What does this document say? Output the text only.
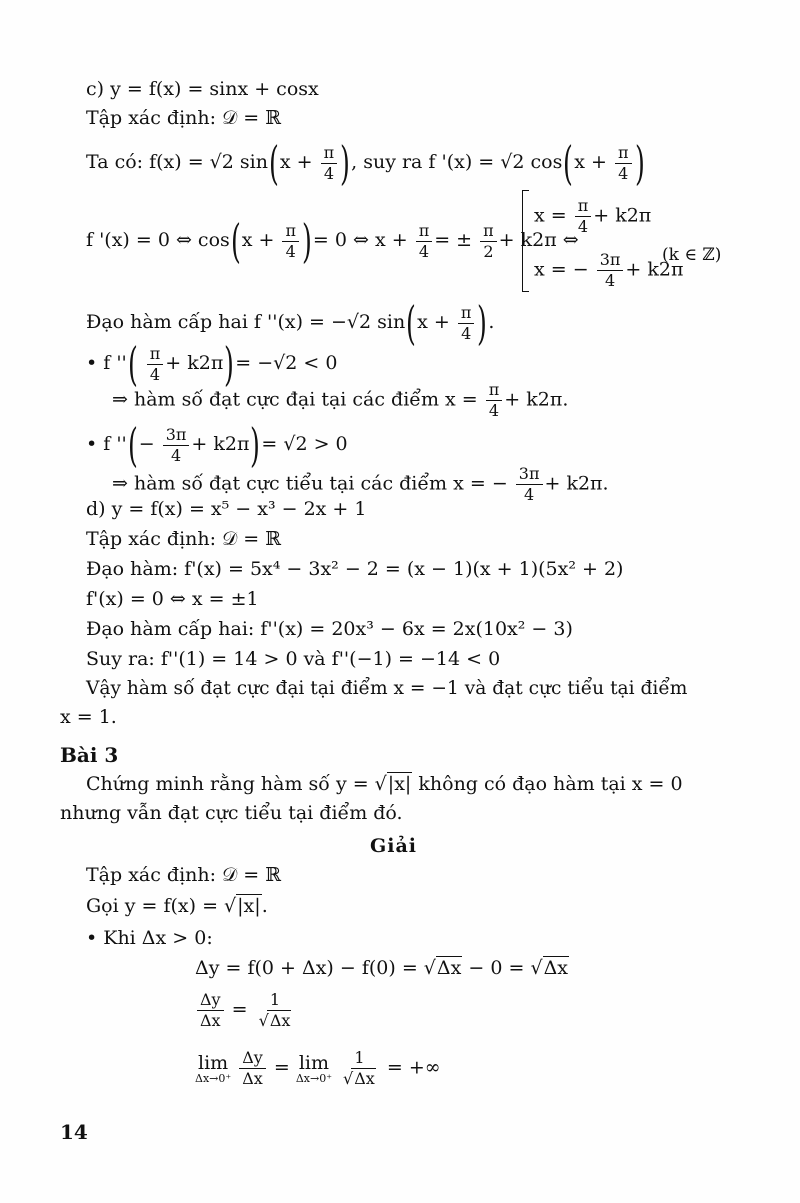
c) y = f(x) = sinx + cosx
Tập xác định: 𝒟 = ℝ
Ta có: f(x) = √2 $\sin(x + \frac{\pi}{4}$ ), suy ra f '(x) = √2 $\cos(x + \frac{\pi}{4}$ )
f '(x) = 0 ⇔ $\cos(x + \frac{\pi}{4}$ )= 0 ⇔ $x + \frac{\pi}{4}$ = ± $\frac{\pi}{2} + k2\pi$ ⇔
$x = \frac{\pi}{4} + k2\pi$
x = − $\frac{3\pi}{4} + k2\pi$
(k ∈ ℤ)
Đạo hàm cấp hai f ''(x) = −√2 $\sin(x + \frac{\pi}{4}$ ).
• f ''( $\frac{\pi}{4} + k2\pi)= -√2 < 0$
⇒ hàm số đạt cực đại tại các điểm $x = \frac{\pi}{4} + k2\pi$.
• f ''(− $\frac{3\pi}{4} + k2\pi)= √2 > 0$
⇒ hàm số đạt cực tiểu tại các điểm x = − $\frac{3\pi}{4} + k2\pi$.
d) y = f(x) = x⁵ − x³ − 2x + 1
Tập xác định: 𝒟 = ℝ
Đạo hàm: f'(x) = 5x⁴ − 3x² − 2 = (x − 1)(x + 1)(5x² + 2)
f'(x) = 0 ⇔ x = ±1
Đạo hàm cấp hai: f''(x) = 20x³ − 6x = 2x(10x² − 3)
Suy ra: f''(1) = 14 > 0 và f''(−1) = −14 < 0
Vậy hàm số đạt cực đại tại điểm x = −1 và đạt cực tiểu tại điểm
x = 1.
Bài 3
Chứng minh rằng hàm số y = √|x| không có đạo hàm tại x = 0
nhưng vẫn đạt cực tiểu tại điểm đó.
Giải
Tập xác định: 𝒟 = ℝ
Gọi y = f(x) = √|x|.
• Khi Δx > 0:
Δy = f(0 + Δx) − f(0) = √Δx − 0 = √Δx
$\frac{\Delta y}{\Delta x} = \frac{1}{√\Delta x}$
lim
Δx→0⁺
$\frac{\Delta y}{\Delta x} = \lim$
Δx→0⁺
$\frac{1}{√\Delta x}$ = +∞
14
